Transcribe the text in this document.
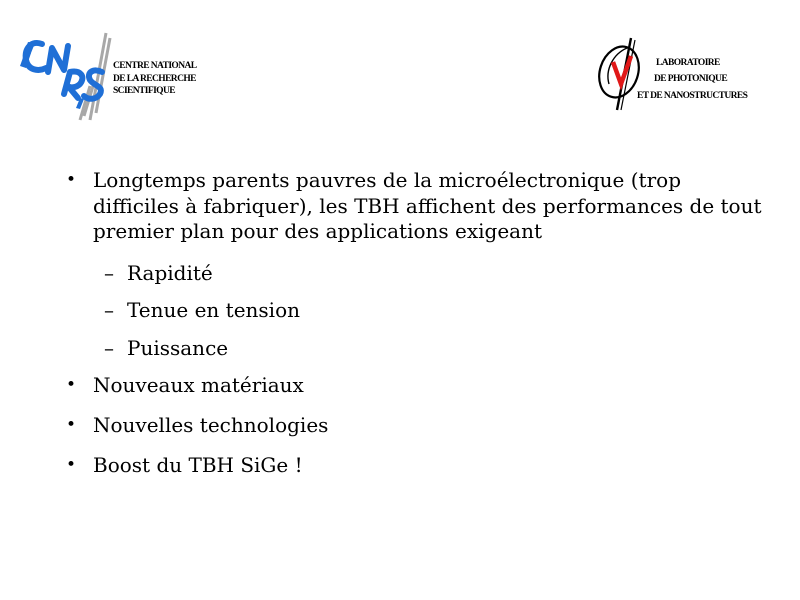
CENTRE NATIONAL
DE LA RECHERCHE
SCIENTIFIQUE
LABORATOIRE
DE PHOTONIQUE
ET DE NANOSTRUCTURES

• Longtemps parents pauvres de la microélectronique (trop difficiles à fabriquer), les TBH affichent des performances de tout premier plan pour des applications exigeant

– Rapidité

– Tenue en tension

– Puissance

• Nouveaux matériaux

• Nouvelles technologies

• Boost du TBH SiGe !
